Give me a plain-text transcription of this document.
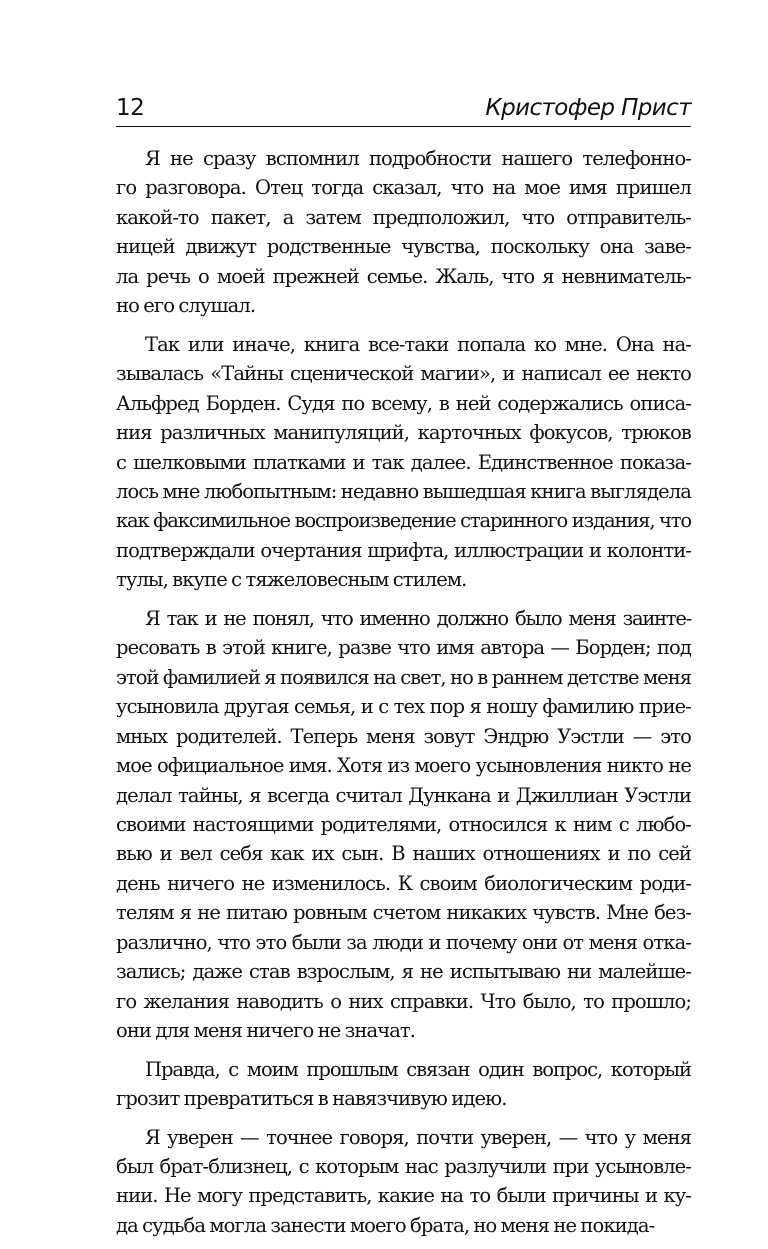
12	Кристофер Прист

Я не сразу вспомнил подробности нашего телефонно-
го разговора. Отец тогда сказал, что на мое имя пришел
какой-то пакет, а затем предположил, что отправитель-
ницей движут родственные чувства, поскольку она заве-
ла речь о моей прежней семье. Жаль, что я невниматель-
но его слушал.

Так или иначе, книга все-таки попала ко мне. Она на-
зывалась «Тайны сценической магии», и написал ее некто
Альфред Борден. Судя по всему, в ней содержались описа-
ния различных манипуляций, карточных фокусов, трюков
с шелковыми платками и так далее. Единственное показа-
лось мне любопытным: недавно вышедшая книга выглядела
как факсимильное воспроизведение старинного издания, что
подтверждали очертания шрифта, иллюстрации и колонти-
тулы, вкупе с тяжеловесным стилем.

Я так и не понял, что именно должно было меня заинте-
ресовать в этой книге, разве что имя автора — Борден; под
этой фамилией я появился на свет, но в раннем детстве меня
усыновила другая семья, и с тех пор я ношу фамилию прие-
мных родителей. Теперь меня зовут Эндрю Уэстли — это
мое официальное имя. Хотя из моего усыновления никто не
делал тайны, я всегда считал Дункана и Джиллиан Уэстли
своими настоящими родителями, относился к ним с любо-
вью и вел себя как их сын. В наших отношениях и по сей
день ничего не изменилось. К своим биологическим роди-
телям я не питаю ровным счетом никаких чувств. Мне без-
различно, что это были за люди и почему они от меня отка-
зались; даже став взрослым, я не испытываю ни малейше-
го желания наводить о них справки. Что было, то прошло;
они для меня ничего не значат.

Правда, с моим прошлым связан один вопрос, который
грозит превратиться в навязчивую идею.

Я уверен — точнее говоря, почти уверен, — что у меня
был брат-близнец, с которым нас разлучили при усыновле-
нии. Не могу представить, какие на то были причины и ку-
да судьба могла занести моего брата, но меня не покида-
